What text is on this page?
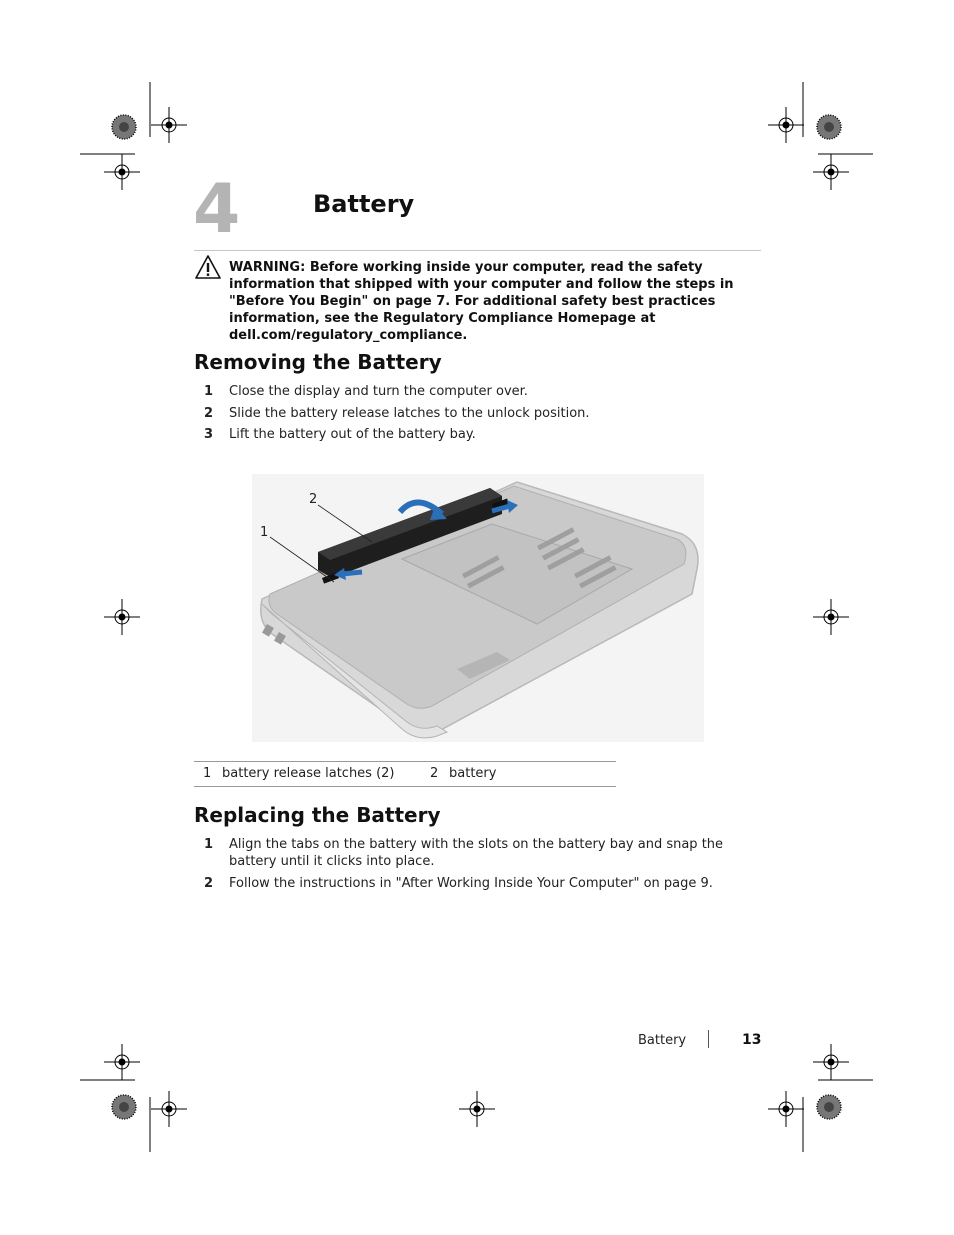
4	Battery
WARNING: Before working inside your computer, read the safety information that shipped with your computer and follow the steps in "Before You Begin" on page 7. For additional safety best practices information, see the Regulatory Compliance Homepage at dell.com/regulatory_compliance.
Removing the Battery
1 Close the display and turn the computer over.
2 Slide the battery release latches to the unlock position.
3 Lift the battery out of the battery bay.
2
1
1 battery release latches (2)	2 battery
Replacing the Battery
1 Align the tabs on the battery with the slots on the battery bay and snap the battery until it clicks into place.
2 Follow the instructions in "After Working Inside Your Computer" on page 9.
Battery	13
